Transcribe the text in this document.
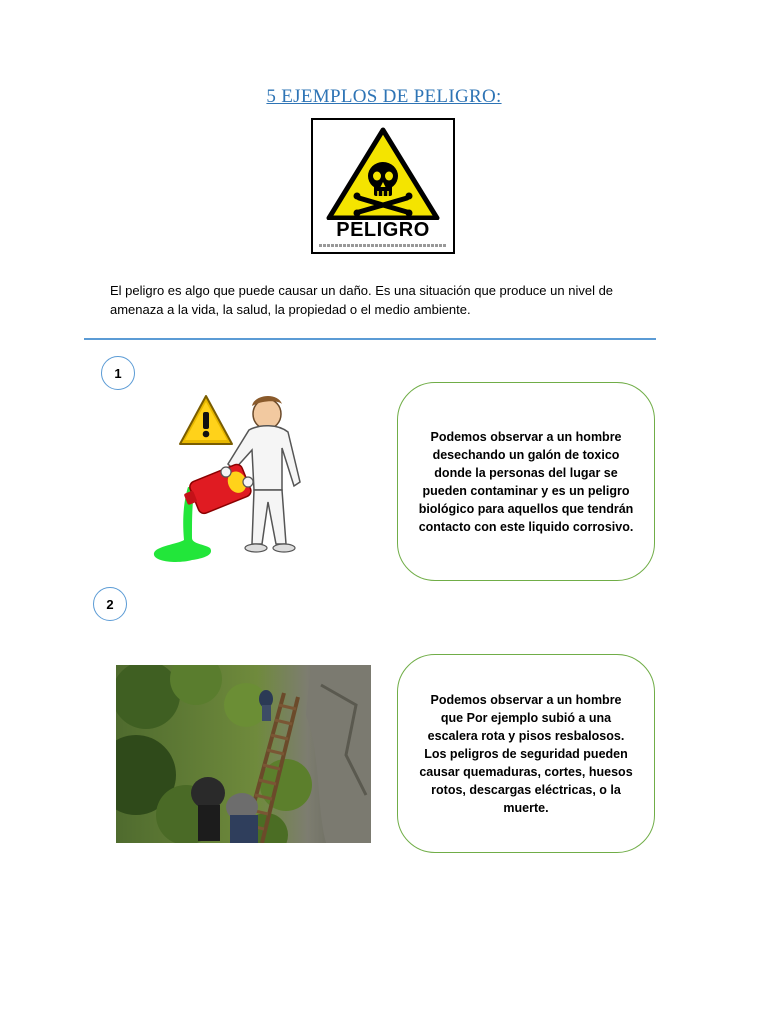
5 EJEMPLOS DE PELIGRO:
PELIGRO
El peligro es algo que puede causar un daño. Es una situación que produce un nivel de amenaza a la vida, la salud, la propiedad o el medio ambiente.
1
Podemos observar a un hombre desechando un galón de toxico donde la personas del lugar se pueden contaminar y es un peligro biológico para aquellos que tendrán contacto con este liquido corrosivo.
2
Podemos observar a un hombre que Por ejemplo subió a una escalera rota y pisos resbalosos. Los peligros de seguridad pueden causar quemaduras, cortes, huesos rotos, descargas eléctricas, o la muerte.
